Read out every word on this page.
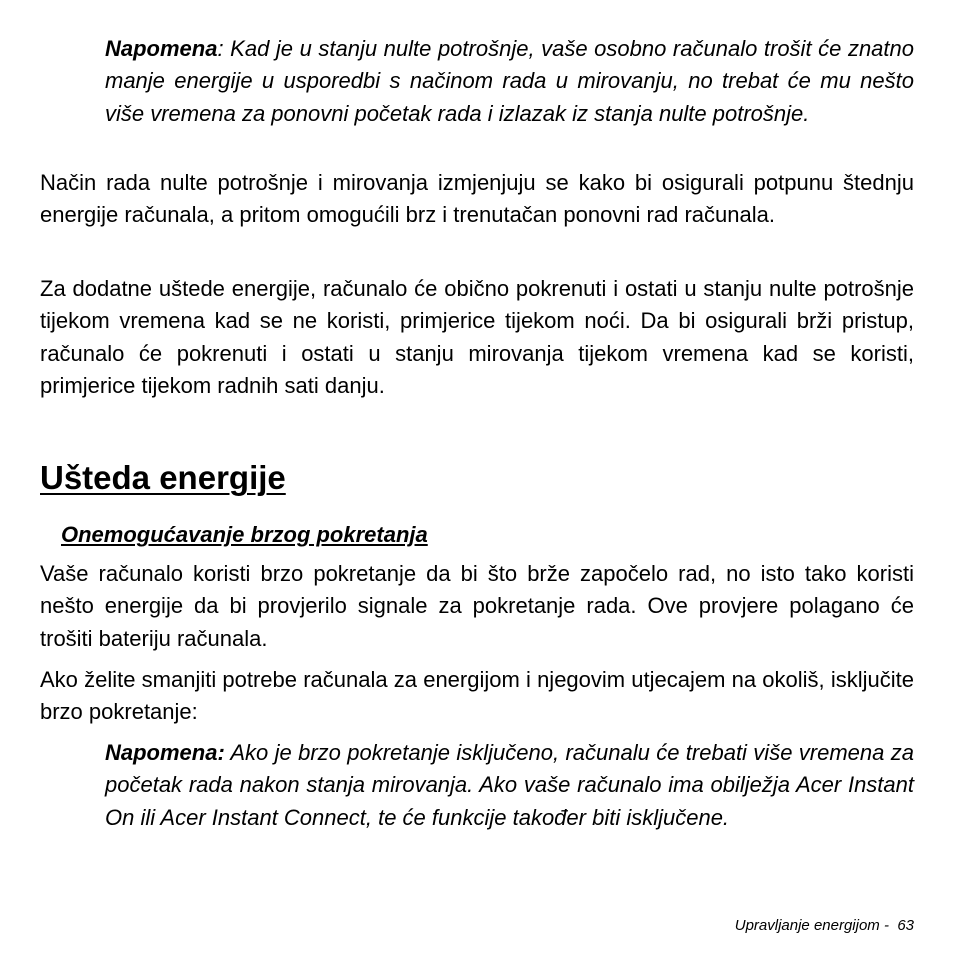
Napomena: Kad je u stanju nulte potrošnje, vaše osobno računalo trošit će znatno manje energije u usporedbi s načinom rada u mirovanju, no trebat će mu nešto više vremena za ponovni početak rada i izlazak iz stanja nulte potrošnje.

Način rada nulte potrošnje i mirovanja izmjenjuju se kako bi osigurali potpunu štednju energije računala, a pritom omogućili brz i trenutačan ponovni rad računala.

Za dodatne uštede energije, računalo će obično pokrenuti i ostati u stanju nulte potrošnje tijekom vremena kad se ne koristi, primjerice tijekom noći. Da bi osigurali brži pristup, računalo će pokrenuti i ostati u stanju mirovanja tijekom vremena kad se koristi, primjerice tijekom radnih sati danju.

Ušteda energije
Onemogućavanje brzog pokretanja

Vaše računalo koristi brzo pokretanje da bi što brže započelo rad, no isto tako koristi nešto energije da bi provjerilo signale za pokretanje rada. Ove provjere polagano će trošiti bateriju računala.

Ako želite smanjiti potrebe računala za energijom i njegovim utjecajem na okoliš, isključite brzo pokretanje:

Napomena: Ako je brzo pokretanje isključeno, računalu će trebati više vremena za početak rada nakon stanja mirovanja. Ako vaše računalo ima obilježja Acer Instant On ili Acer Instant Connect, te će funkcije također biti isključene.

Upravljanje energijom - 63
